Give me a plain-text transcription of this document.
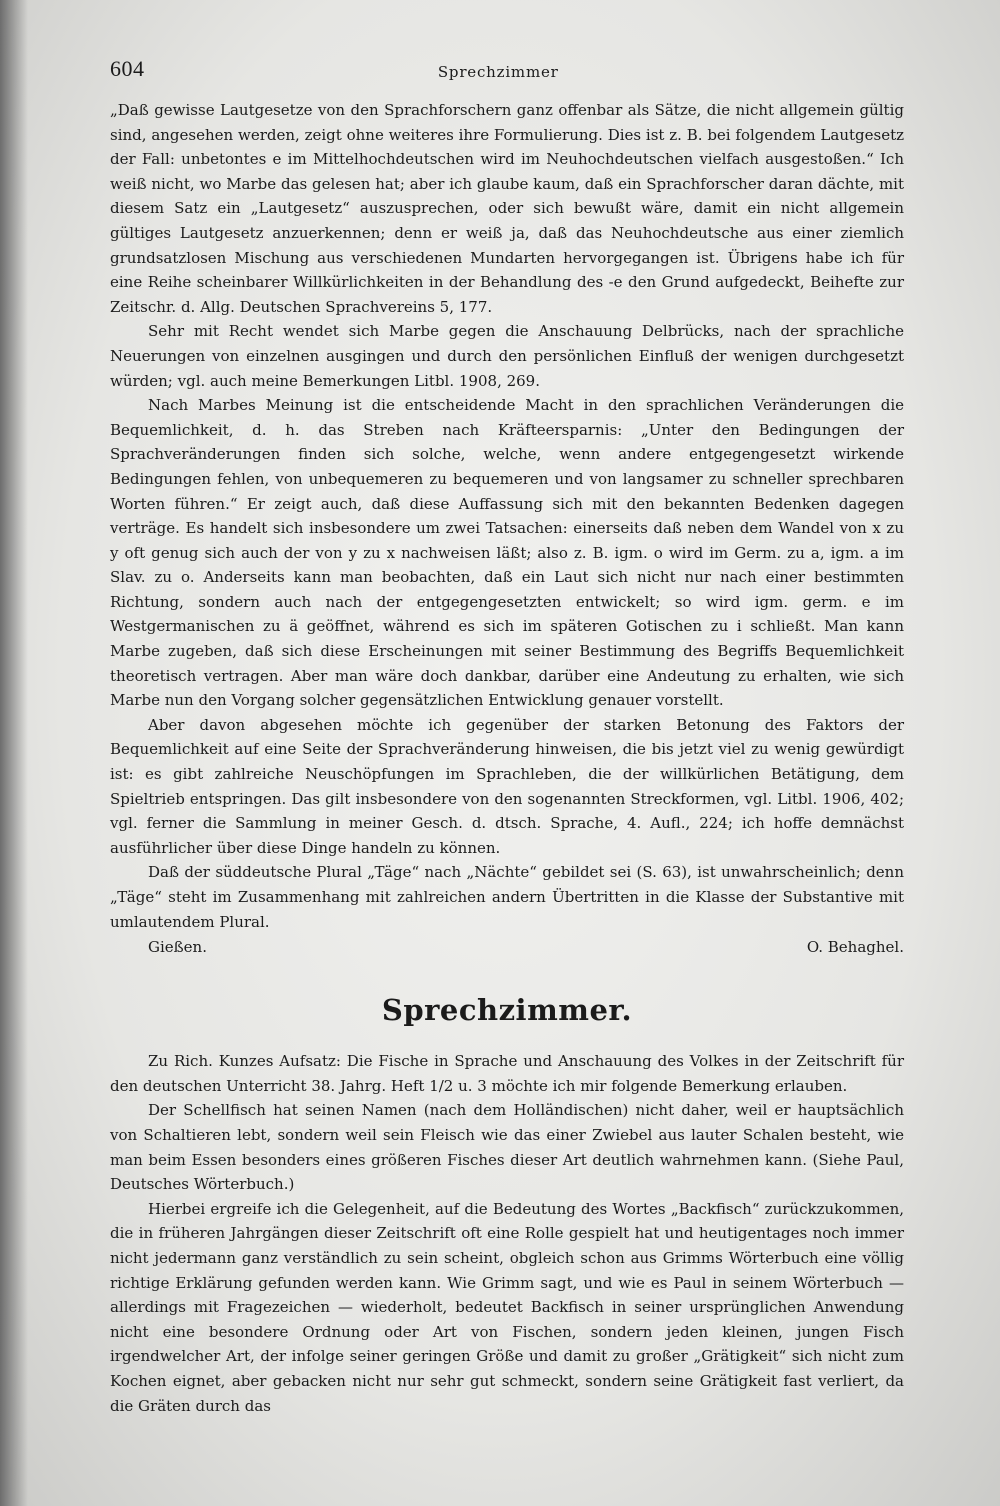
604	Sprechzimmer

„Daß gewisse Lautgesetze von den Sprachforschern ganz offenbar als Sätze, die nicht allgemein gültig sind, angesehen werden, zeigt ohne weiteres ihre Formulierung. Dies ist z. B. bei folgendem Lautgesetz der Fall: unbetontes e im Mittelhochdeutschen wird im Neuhochdeutschen vielfach ausgestoßen.“ Ich weiß nicht, wo Marbe das gelesen hat; aber ich glaube kaum, daß ein Sprachforscher daran dächte, mit diesem Satz ein „Lautgesetz“ auszusprechen, oder sich bewußt wäre, damit ein nicht allgemein gültiges Lautgesetz anzuerkennen; denn er weiß ja, daß das Neuhochdeutsche aus einer ziemlich grundsatzlosen Mischung aus verschiedenen Mundarten hervorgegangen ist. Übrigens habe ich für eine Reihe scheinbarer Willkürlichkeiten in der Behandlung des -e den Grund aufgedeckt, Beihefte zur Zeitschr. d. Allg. Deutschen Sprachvereins 5, 177.

Sehr mit Recht wendet sich Marbe gegen die Anschauung Delbrücks, nach der sprachliche Neuerungen von einzelnen ausgingen und durch den persönlichen Einfluß der wenigen durchgesetzt würden; vgl. auch meine Bemerkungen Litbl. 1908, 269.

Nach Marbes Meinung ist die entscheidende Macht in den sprachlichen Veränderungen die Bequemlichkeit, d. h. das Streben nach Kräfteersparnis: „Unter den Bedingungen der Sprachveränderungen finden sich solche, welche, wenn andere entgegengesetzt wirkende Bedingungen fehlen, von unbequemeren zu bequemeren und von langsamer zu schneller sprechbaren Worten führen.“ Er zeigt auch, daß diese Auffassung sich mit den bekannten Bedenken dagegen verträge. Es handelt sich insbesondere um zwei Tatsachen: einerseits daß neben dem Wandel von x zu y oft genug sich auch der von y zu x nachweisen läßt; also z. B. igm. o wird im Germ. zu a, igm. a im Slav. zu o. Anderseits kann man beobachten, daß ein Laut sich nicht nur nach einer bestimmten Richtung, sondern auch nach der entgegengesetzten entwickelt; so wird igm. germ. e im Westgermanischen zu ä geöffnet, während es sich im späteren Gotischen zu i schließt. Man kann Marbe zugeben, daß sich diese Erscheinungen mit seiner Bestimmung des Begriffs Bequemlichkeit theoretisch vertragen. Aber man wäre doch dankbar, darüber eine Andeutung zu erhalten, wie sich Marbe nun den Vorgang solcher gegensätzlichen Entwicklung genauer vorstellt.

Aber davon abgesehen möchte ich gegenüber der starken Betonung des Faktors der Bequemlichkeit auf eine Seite der Sprachveränderung hinweisen, die bis jetzt viel zu wenig gewürdigt ist: es gibt zahlreiche Neuschöpfungen im Sprachleben, die der willkürlichen Betätigung, dem Spieltrieb entspringen. Das gilt insbesondere von den sogenannten Streckformen, vgl. Litbl. 1906, 402; vgl. ferner die Sammlung in meiner Gesch. d. dtsch. Sprache, 4. Aufl., 224; ich hoffe demnächst ausführlicher über diese Dinge handeln zu können.

Daß der süddeutsche Plural „Täge“ nach „Nächte“ gebildet sei (S. 63), ist unwahrscheinlich; denn „Täge“ steht im Zusammenhang mit zahlreichen andern Übertritten in die Klasse der Substantive mit umlautendem Plural.

Gießen.	O. Behaghel.
Sprechzimmer.

Zu Rich. Kunzes Aufsatz: Die Fische in Sprache und Anschauung des Volkes in der Zeitschrift für den deutschen Unterricht 38. Jahrg. Heft 1/2 u. 3 möchte ich mir folgende Bemerkung erlauben.

Der Schellfisch hat seinen Namen (nach dem Holländischen) nicht daher, weil er hauptsächlich von Schaltieren lebt, sondern weil sein Fleisch wie das einer Zwiebel aus lauter Schalen besteht, wie man beim Essen besonders eines größeren Fisches dieser Art deutlich wahrnehmen kann. (Siehe Paul, Deutsches Wörterbuch.)

Hierbei ergreife ich die Gelegenheit, auf die Bedeutung des Wortes „Backfisch“ zurückzukommen, die in früheren Jahrgängen dieser Zeitschrift oft eine Rolle gespielt hat und heutigentages noch immer nicht jedermann ganz verständlich zu sein scheint, obgleich schon aus Grimms Wörterbuch eine völlig richtige Erklärung gefunden werden kann. Wie Grimm sagt, und wie es Paul in seinem Wörterbuch — allerdings mit Fragezeichen — wiederholt, bedeutet Backfisch in seiner ursprünglichen Anwendung nicht eine besondere Ordnung oder Art von Fischen, sondern jeden kleinen, jungen Fisch irgendwelcher Art, der infolge seiner geringen Größe und damit zu großer „Grätigkeit“ sich nicht zum Kochen eignet, aber gebacken nicht nur sehr gut schmeckt, sondern seine Grätigkeit fast verliert, da die Gräten durch das
